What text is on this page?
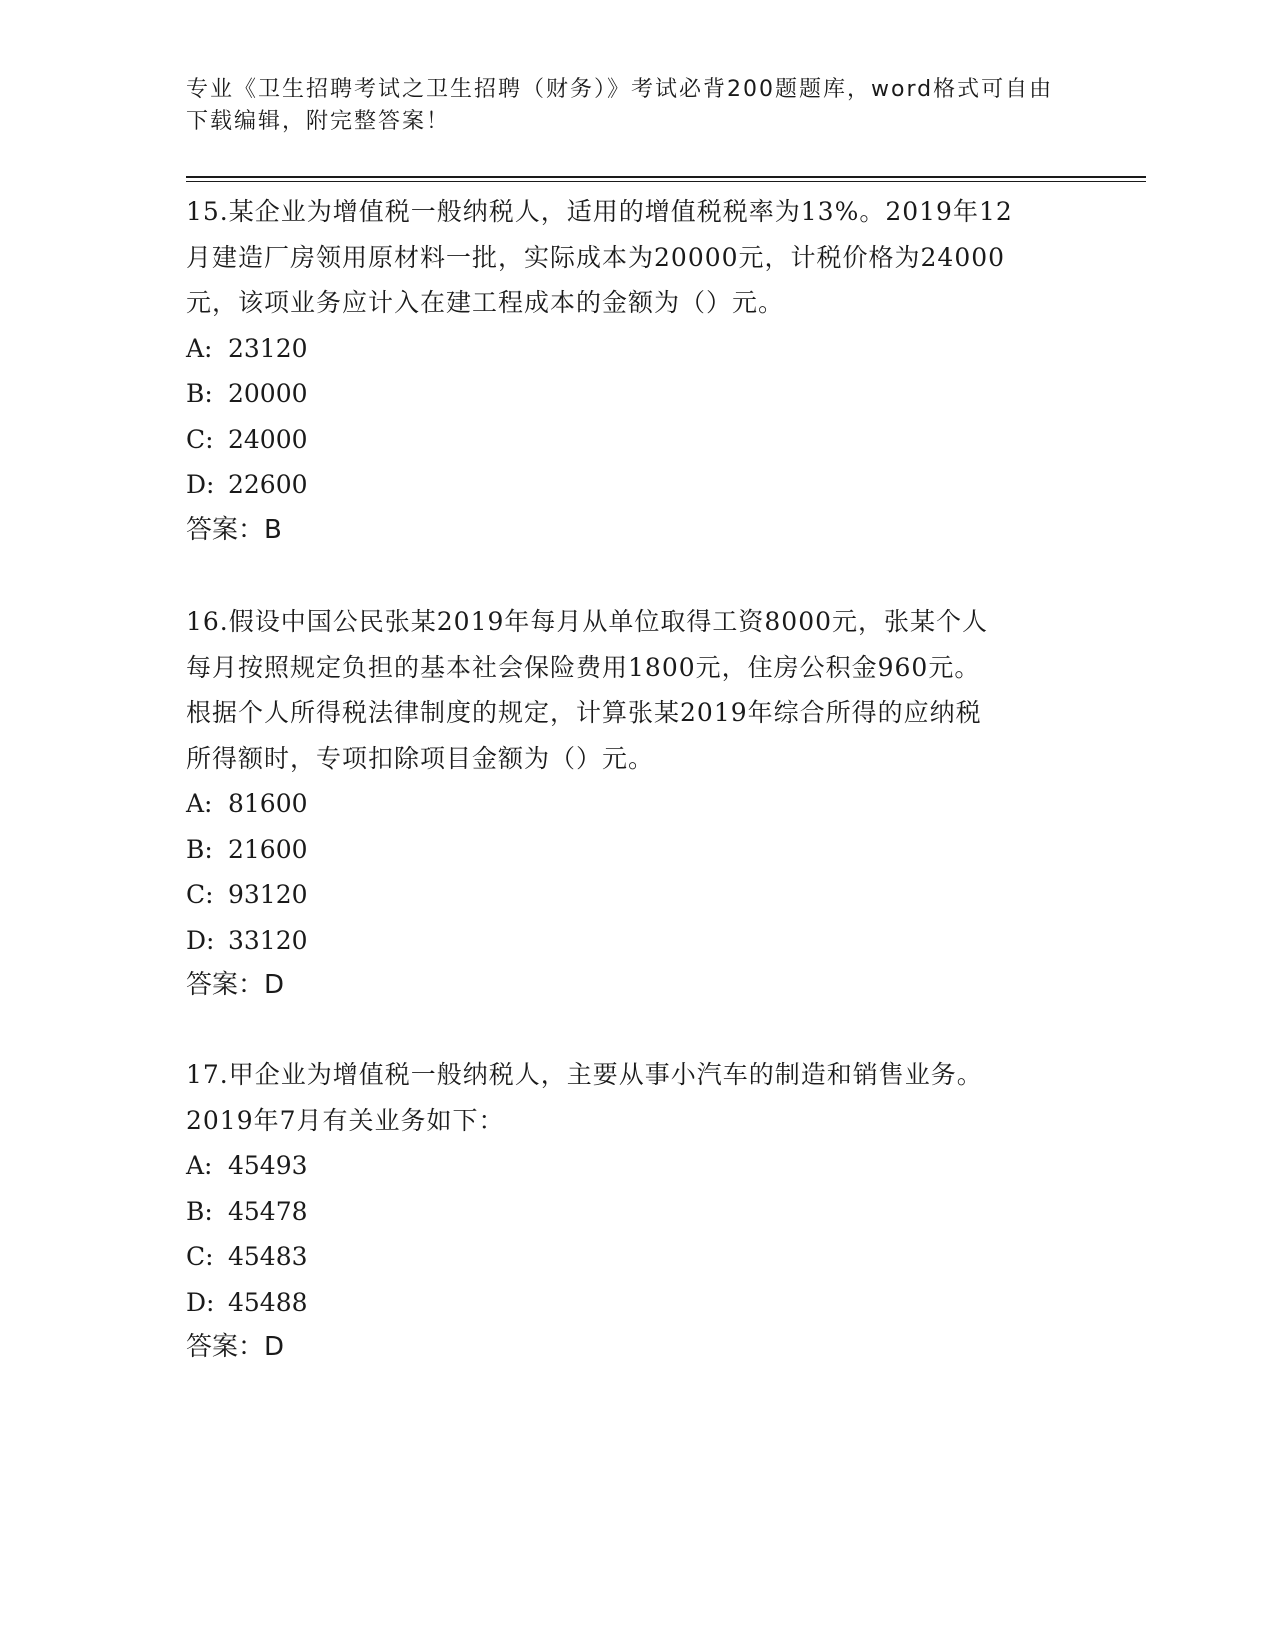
专业《卫生招聘考试之卫生招聘（财务）》考试必背200题题库，word格式可自由下载编辑，附完整答案！
15.某企业为增值税一般纳税人，适用的增值税税率为13%。2019年12
月建造厂房领用原材料一批，实际成本为20000元，计税价格为24000
元，该项业务应计入在建工程成本的金额为（）元。
A: 23120
B: 20000
C: 24000
D: 22600
答案：B
16.假设中国公民张某2019年每月从单位取得工资8000元，张某个人
每月按照规定负担的基本社会保险费用1800元，住房公积金960元。
根据个人所得税法律制度的规定，计算张某2019年综合所得的应纳税
所得额时，专项扣除项目金额为（）元。
A: 81600
B: 21600
C: 93120
D: 33120
答案：D
17.甲企业为增值税一般纳税人，主要从事小汽车的制造和销售业务。
2019年7月有关业务如下：
A: 45493
B: 45478
C: 45483
D: 45488
答案：D
